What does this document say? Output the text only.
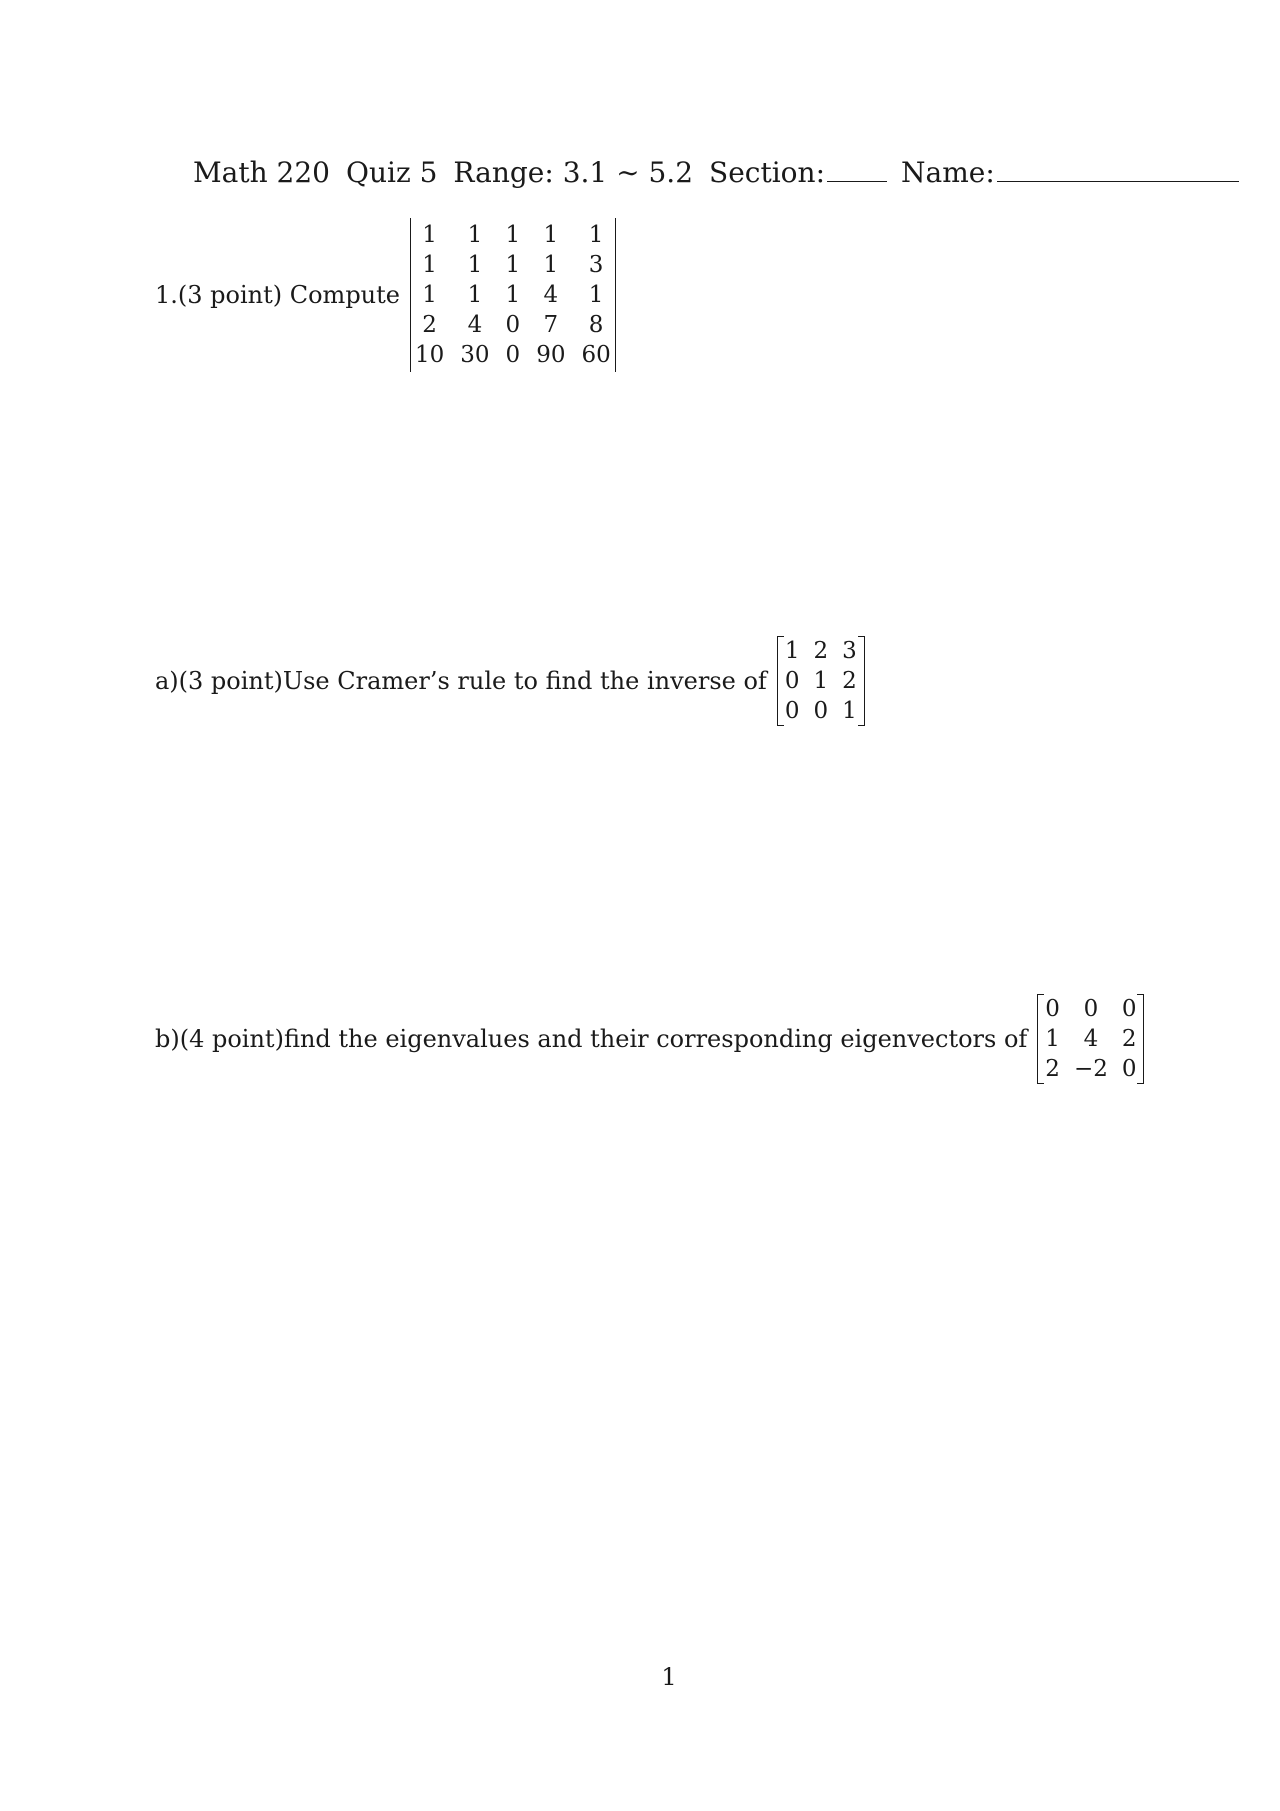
Math 220 Quiz 5 Range: 3.1 ∼ 5.2 Section:	Name:
1.(3 point) Compute
1	1	1	1	1
1	1	1	1	3
1	1	1	4	1
2	4	0	7	8
10	30	0	90	60
a)(3 point)Use Cramer’s rule to find the inverse of
1	2	3
0	1	2
0	0	1
b)(4 point)find the eigenvalues and their corresponding eigenvectors of
0	0	0
1	4	2
2	−2	0
1
